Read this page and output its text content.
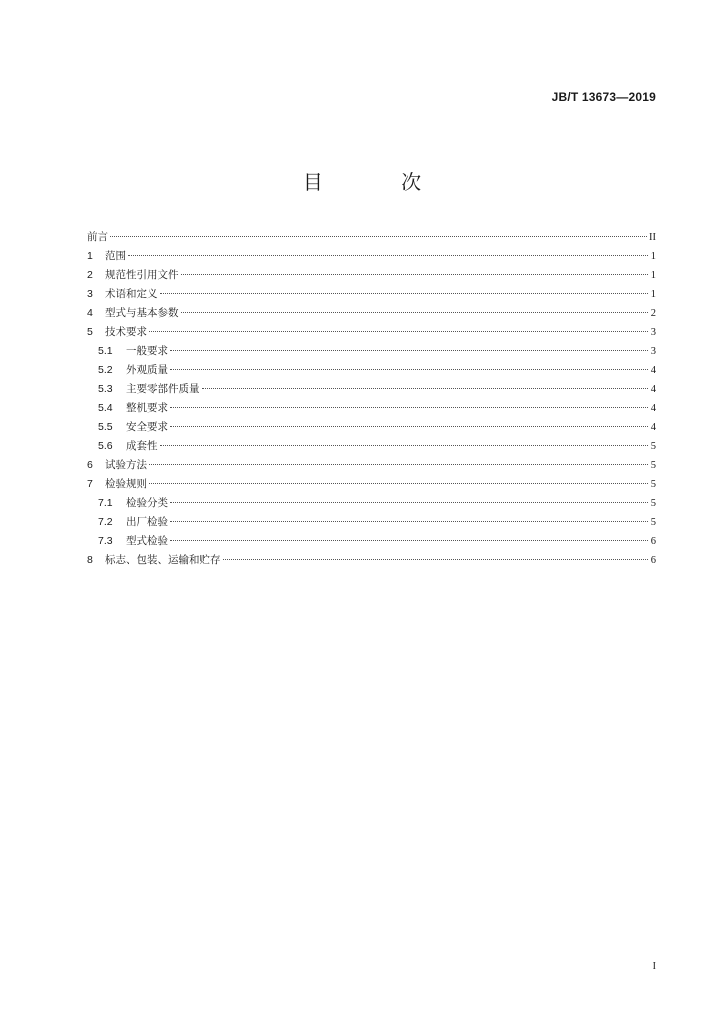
JB/T 13673—2019
目 次
前言	II
1	范围	1
2	规范性引用文件	1
3	术语和定义	1
4	型式与基本参数	2
5	技术要求	3
5.1	一般要求	3
5.2	外观质量	4
5.3	主要零部件质量	4
5.4	整机要求	4
5.5	安全要求	4
5.6	成套性	5
6	试验方法	5
7	检验规则	5
7.1	检验分类	5
7.2	出厂检验	5
7.3	型式检验	6
8	标志、包装、运输和贮存	6
I
